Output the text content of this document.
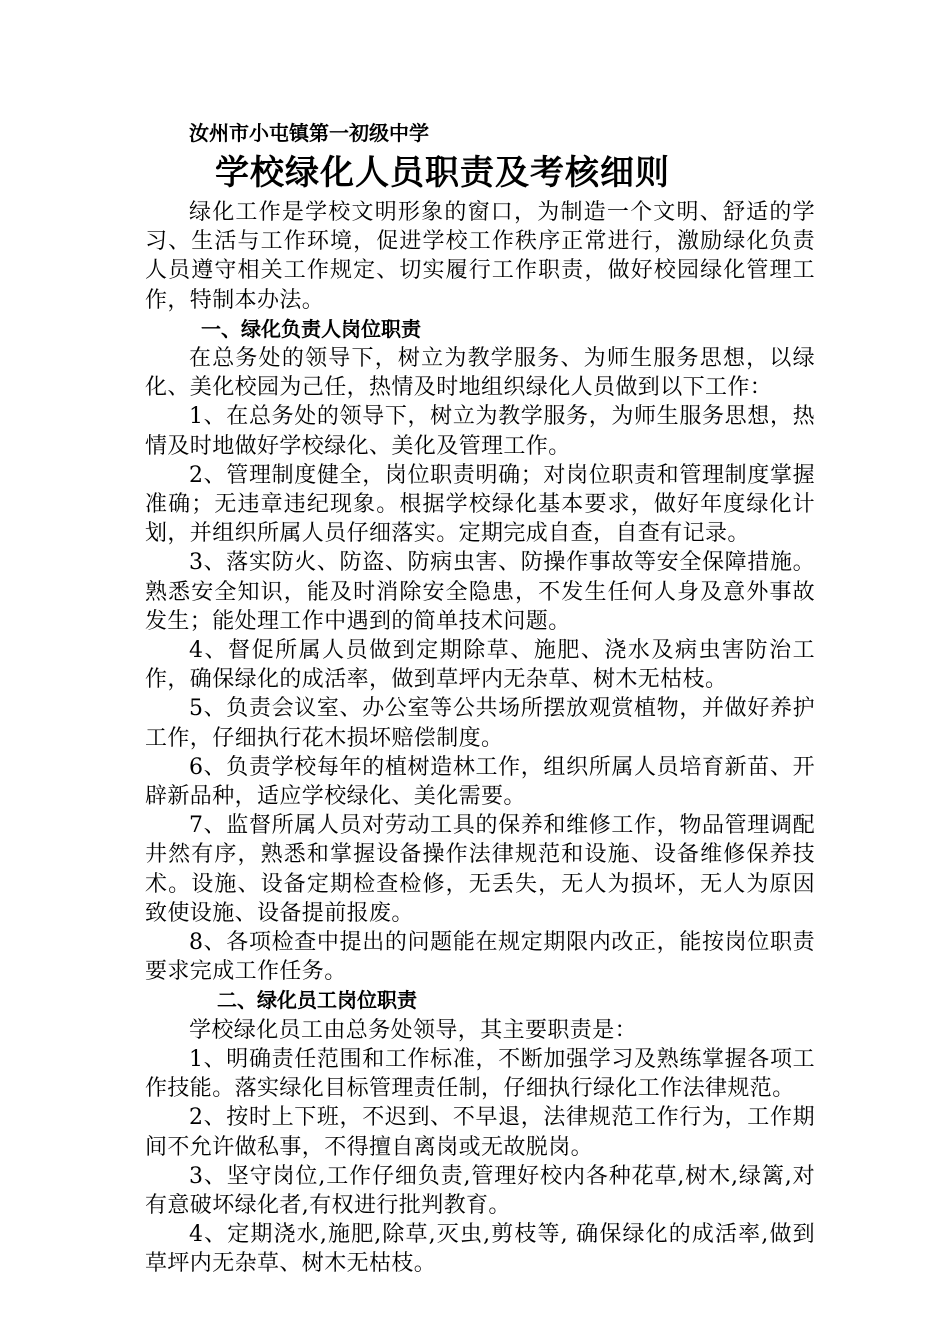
汝州市小屯镇第一初级中学

学校绿化人员职责及考核细则

绿化工作是学校文明形象的窗口，为制造一个文明、舒适的学习、生活与工作环境，促进学校工作秩序正常进行，激励绿化负责人员遵守相关工作规定、切实履行工作职责，做好校园绿化管理工作，特制本办法。

一、绿化负责人岗位职责

在总务处的领导下，树立为教学服务、为师生服务思想，以绿化、美化校园为己任，热情及时地组织绿化人员做到以下工作：

1、在总务处的领导下，树立为教学服务，为师生服务思想，热情及时地做好学校绿化、美化及管理工作。

2、管理制度健全，岗位职责明确；对岗位职责和管理制度掌握准确；无违章违纪现象。根据学校绿化基本要求，做好年度绿化计划，并组织所属人员仔细落实。定期完成自查，自查有记录。

3、落实防火、防盗、防病虫害、防操作事故等安全保障措施。熟悉安全知识，能及时消除安全隐患，不发生任何人身及意外事故发生；能处理工作中遇到的简单技术问题。

4、督促所属人员做到定期除草、施肥、浇水及病虫害防治工作，确保绿化的成活率，做到草坪内无杂草、树木无枯枝。

5、负责会议室、办公室等公共场所摆放观赏植物，并做好养护工作，仔细执行花木损坏赔偿制度。

6、负责学校每年的植树造林工作，组织所属人员培育新苗、开辟新品种，适应学校绿化、美化需要。

7、监督所属人员对劳动工具的保养和维修工作，物品管理调配井然有序，熟悉和掌握设备操作法律规范和设施、设备维修保养技术。设施、设备定期检查检修，无丢失，无人为损坏，无人为原因致使设施、设备提前报废。

8、各项检查中提出的问题能在规定期限内改正，能按岗位职责要求完成工作任务。

二、绿化员工岗位职责

学校绿化员工由总务处领导，其主要职责是：

1、明确责任范围和工作标准，不断加强学习及熟练掌握各项工作技能。落实绿化目标管理责任制，仔细执行绿化工作法律规范。

2、按时上下班，不迟到、不早退，法律规范工作行为，工作期间不允许做私事，不得擅自离岗或无故脱岗。

3、坚守岗位,工作仔细负责,管理好校内各种花草,树木,绿篱,对有意破坏绿化者,有权进行批判教育。

4、定期浇水,施肥,除草,灭虫,剪枝等, 确保绿化的成活率,做到草坪内无杂草、树木无枯枝。
